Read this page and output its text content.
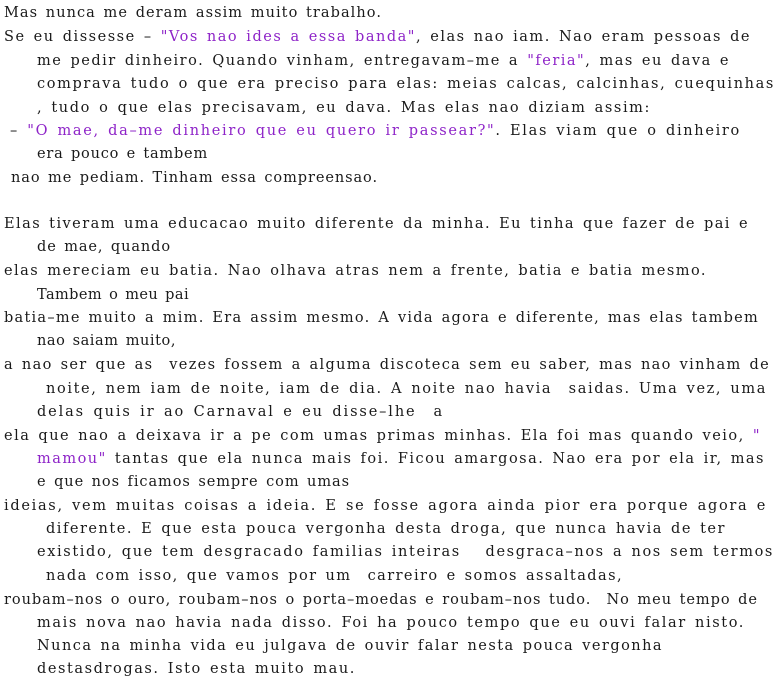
Mas nunca me deram assim muito trabalho.
Se eu dissesse – "Vos nao ides a essa banda", elas nao iam. Nao eram pessoas de
me pedir dinheiro. Quando vinham, entregavam–me a "feria", mas eu dava e
comprava tudo o que era preciso para elas: meias calcas, calcinhas, cuequinhas
, tudo o que elas precisavam, eu dava. Mas elas nao diziam assim:
– "O mae, da–me dinheiro que eu quero ir passear?". Elas viam que o dinheiro
era pouco e tambem
nao me pediam. Tinham essa compreensao.
Elas tiveram uma educacao muito diferente da minha. Eu tinha que fazer de pai e
de mae, quando
elas mereciam eu batia. Nao olhava atras nem a frente, batia e batia mesmo.
Tambem o meu pai
batia–me muito a mim. Era assim mesmo. A vida agora e diferente, mas elas tambem
nao saiam muito,
a nao ser que as  vezes fossem a alguma discoteca sem eu saber, mas nao vinham de
noite, nem iam de noite, iam de dia. A noite nao havia  saidas. Uma vez, uma
delas quis ir ao Carnaval e eu disse–lhe  a
ela que nao a deixava ir a pe com umas primas minhas. Ela foi mas quando veio, "
mamou" tantas que ela nunca mais foi. Ficou amargosa. Nao era por ela ir, mas
e que nos ficamos sempre com umas
ideias, vem muitas coisas a ideia. E se fosse agora ainda pior era porque agora e
diferente. E que esta pouca vergonha desta droga, que nunca havia de ter
existido, que tem desgracado familias inteiras   desgraca–nos a nos sem termos
nada com isso, que vamos por um  carreiro e somos assaltadas,
roubam–nos o ouro, roubam–nos o porta–moedas e roubam–nos tudo.  No meu tempo de
mais nova nao havia nada disso. Foi ha pouco tempo que eu ouvi falar nisto.
Nunca na minha vida eu julgava de ouvir falar nesta pouca vergonha
destasdrogas. Isto esta muito mau.
